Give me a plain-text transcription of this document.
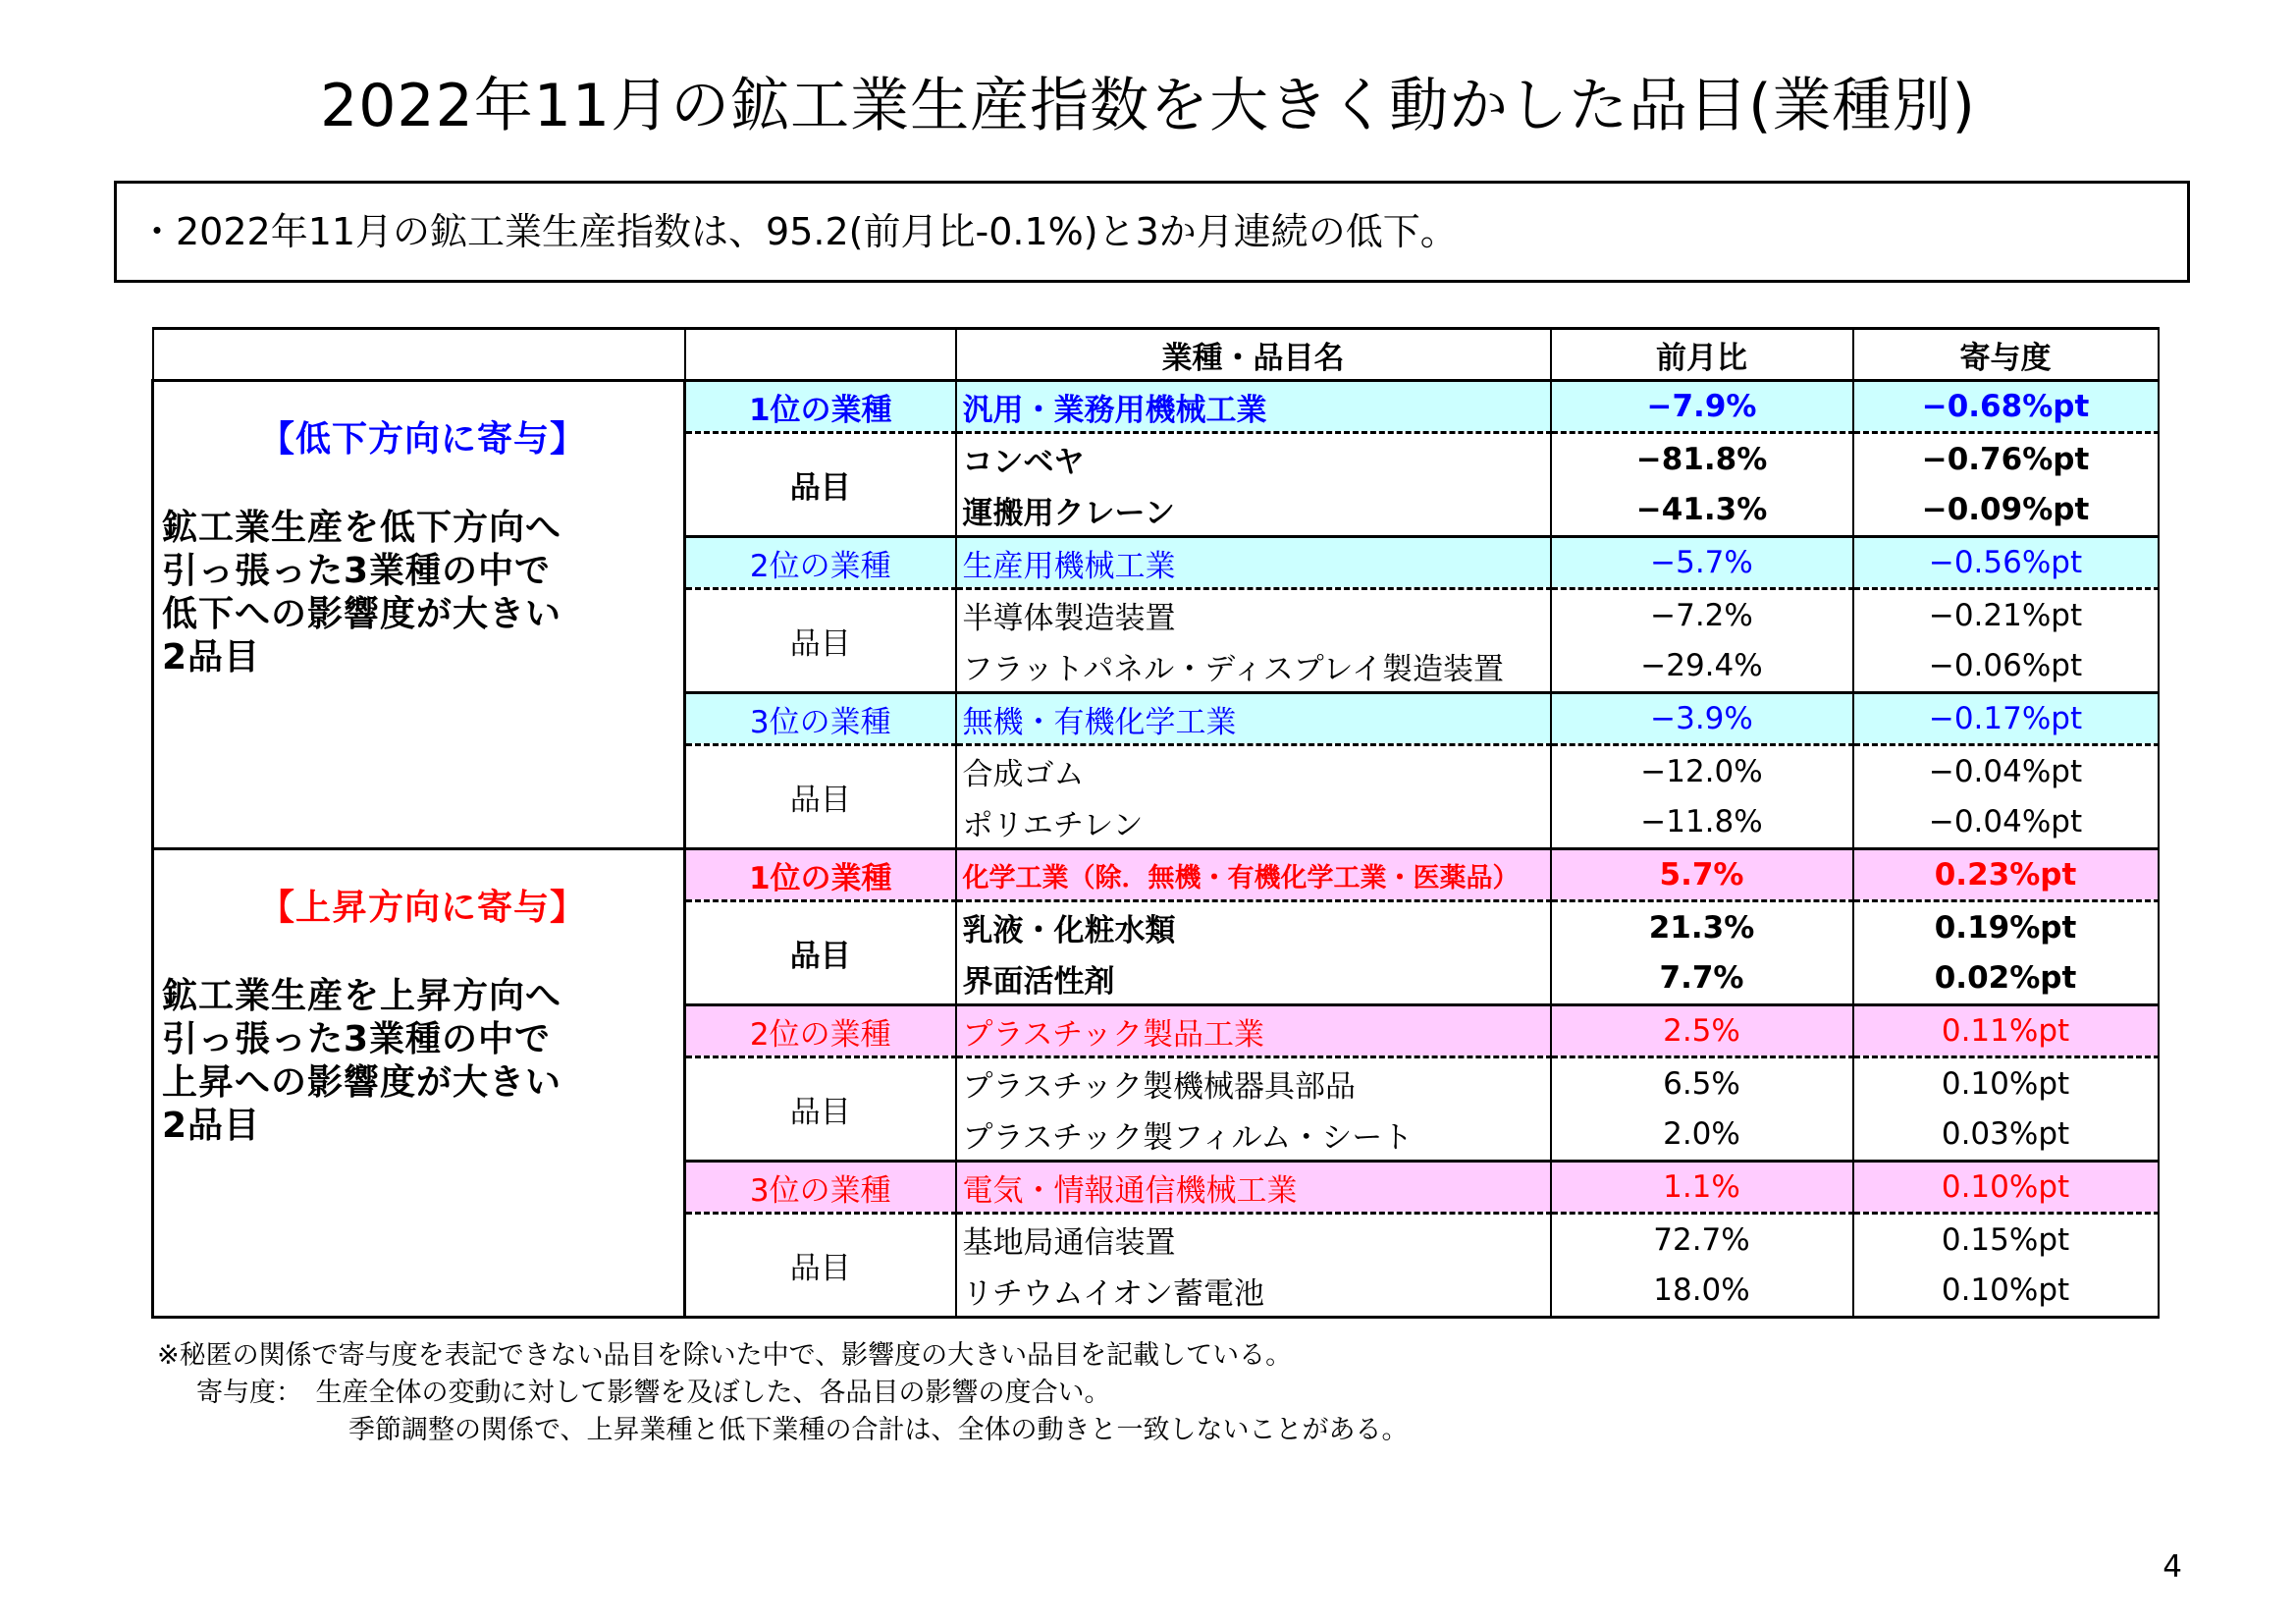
2022年11月の鉱工業生産指数を大きく動かした品目(業種別)
・2022年11月の鉱工業生産指数は、95.2(前月比-0.1%)と3か月連続の低下。
		業種・品目名	前月比	寄与度

【低下方向に寄与】
鉱工業生産を低下方向へ
引っ張った3業種の中で
低下への影響度が大きい
2品目	1位の業種	汎用・業務用機械工業	−7.9%	−0.68%pt
	品目	コンベヤ	−81.8%	−0.76%pt
		運搬用クレーン	−41.3%	−0.09%pt
	2位の業種	生産用機械工業	−5.7%	−0.56%pt
	品目	半導体製造装置	−7.2%	−0.21%pt
		フラットパネル・ディスプレイ製造装置	−29.4%	−0.06%pt
	3位の業種	無機・有機化学工業	−3.9%	−0.17%pt
	品目	合成ゴム	−12.0%	−0.04%pt
		ポリエチレン	−11.8%	−0.04%pt

【上昇方向に寄与】
鉱工業生産を上昇方向へ
引っ張った3業種の中で
上昇への影響度が大きい
2品目	1位の業種	化学工業（除．無機・有機化学工業・医薬品）	5.7%	0.23%pt
	品目	乳液・化粧水類	21.3%	0.19%pt
		界面活性剤	7.7%	0.02%pt
	2位の業種	プラスチック製品工業	2.5%	0.11%pt
	品目	プラスチック製機械器具部品	6.5%	0.10%pt
		プラスチック製フィルム・シート	2.0%	0.03%pt
	3位の業種	電気・情報通信機械工業	1.1%	0.10%pt
	品目	基地局通信装置	72.7%	0.15%pt
		リチウムイオン蓄電池	18.0%	0.10%pt
※秘匿の関係で寄与度を表記できない品目を除いた中で、影響度の大きい品目を記載している。
寄与度：　生産全体の変動に対して影響を及ぼした、各品目の影響の度合い。
季節調整の関係で、上昇業種と低下業種の合計は、全体の動きと一致しないことがある。
4
